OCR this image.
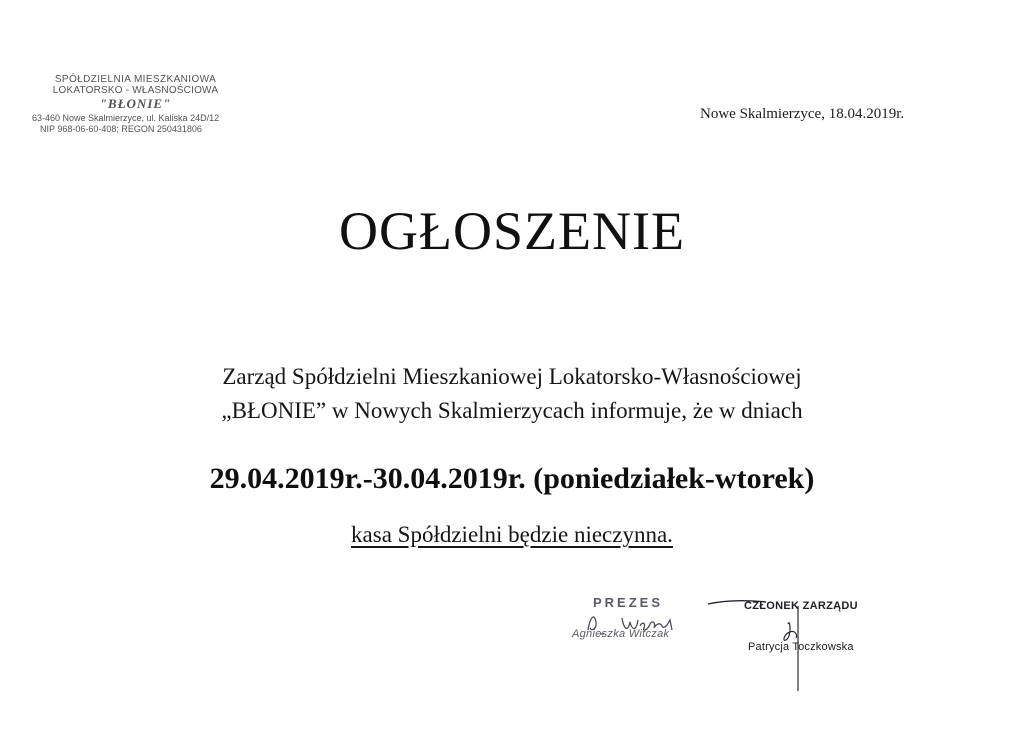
SPÓŁDZIELNIA MIESZKANIOWA
LOKATORSKO - WŁASNOŚCIOWA
"BŁONIE"
63-460 Nowe Skalmierzyce, ul. Kaliska 24D/12
NIP 968-06-60-408; REGON 250431806
Nowe Skalmierzyce, 18.04.2019r.
OGŁOSZENIE
Zarząd Spółdzielni Mieszkaniowej Lokatorsko-Własnościowej
„BŁONIE” w Nowych Skalmierzycach informuje, że w dniach
29.04.2019r.-30.04.2019r. (poniedziałek-wtorek)
kasa Spółdzielni będzie nieczynna.
PREZES
Agnieszka Witczak
CZŁONEK ZARZĄDU
Patrycja Toczkowska
